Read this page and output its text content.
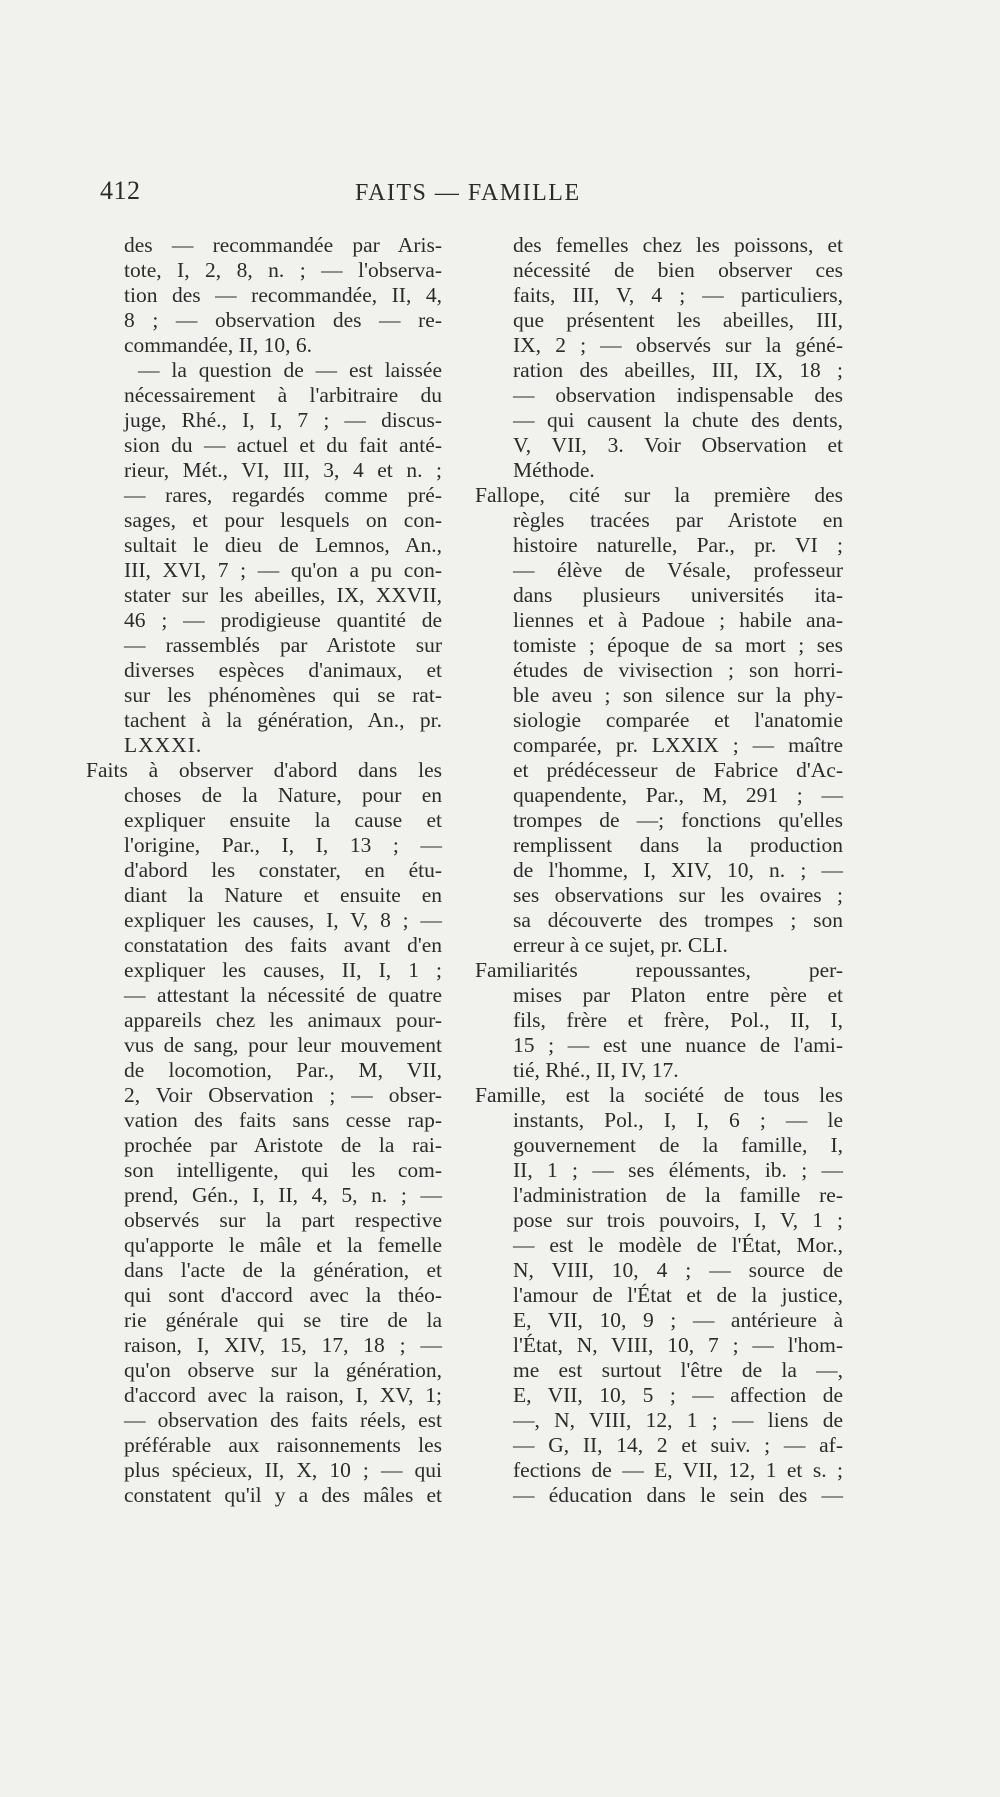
412	FAITS — FAMILLE
des — recommandée par Aris-
tote, I, 2, 8, n. ; — l'observa-
tion des — recommandée, II, 4,
8 ; — observation des — re-
commandée, II, 10, 6.
— la question de — est laissée
nécessairement à l'arbitraire du
juge, Rhé., I, I, 7 ; — discus-
sion du — actuel et du fait anté-
rieur, Mét., VI, III, 3, 4 et n. ;
— rares, regardés comme pré-
sages, et pour lesquels on con-
sultait le dieu de Lemnos, An.,
III, XVI, 7 ; — qu'on a pu con-
stater sur les abeilles, IX, XXVII,
46 ; — prodigieuse quantité de
— rassemblés par Aristote sur
diverses espèces d'animaux, et
sur les phénomènes qui se rat-
tachent à la génération, An., pr.
LXXXI.
Faits à observer d'abord dans les
choses de la Nature, pour en
expliquer ensuite la cause et
l'origine, Par., I, I, 13 ; —
d'abord les constater, en étu-
diant la Nature et ensuite en
expliquer les causes, I, V, 8 ; —
constatation des faits avant d'en
expliquer les causes, II, I, 1 ;
— attestant la nécessité de quatre
appareils chez les animaux pour-
vus de sang, pour leur mouvement
de locomotion, Par., M, VII,
2, Voir Observation ; — obser-
vation des faits sans cesse rap-
prochée par Aristote de la rai-
son intelligente, qui les com-
prend, Gén., I, II, 4, 5, n. ; —
observés sur la part respective
qu'apporte le mâle et la femelle
dans l'acte de la génération, et
qui sont d'accord avec la théo-
rie générale qui se tire de la
raison, I, XIV, 15, 17, 18 ; —
qu'on observe sur la génération,
d'accord avec la raison, I, XV, 1;
— observation des faits réels, est
préférable aux raisonnements les
plus spécieux, II, X, 10 ; — qui
constatent qu'il y a des mâles et
des femelles chez les poissons, et
nécessité de bien observer ces
faits, III, V, 4 ; — particuliers,
que présentent les abeilles, III,
IX, 2 ; — observés sur la géné-
ration des abeilles, III, IX, 18 ;
— observation indispensable des
— qui causent la chute des dents,
V, VII, 3. Voir Observation et
Méthode.
Fallope, cité sur la première des
règles tracées par Aristote en
histoire naturelle, Par., pr. VI ;
— élève de Vésale, professeur
dans plusieurs universités ita-
liennes et à Padoue ; habile ana-
tomiste ; époque de sa mort ; ses
études de vivisection ; son horri-
ble aveu ; son silence sur la phy-
siologie comparée et l'anatomie
comparée, pr. LXXIX ; — maître
et prédécesseur de Fabrice d'Ac-
quapendente, Par., M, 291 ; —
trompes de —; fonctions qu'elles
remplissent dans la production
de l'homme, I, XIV, 10, n. ; —
ses observations sur les ovaires ;
sa découverte des trompes ; son
erreur à ce sujet, pr. CLI.
Familiarités repoussantes, per-
mises par Platon entre père et
fils, frère et frère, Pol., II, I,
15 ; — est une nuance de l'ami-
tié, Rhé., II, IV, 17.
Famille, est la société de tous les
instants, Pol., I, I, 6 ; — le
gouvernement de la famille, I,
II, 1 ; — ses éléments, ib. ; —
l'administration de la famille re-
pose sur trois pouvoirs, I, V, 1 ;
— est le modèle de l'État, Mor.,
N, VIII, 10, 4 ; — source de
l'amour de l'État et de la justice,
E, VII, 10, 9 ; — antérieure à
l'État, N, VIII, 10, 7 ; — l'hom-
me est surtout l'être de la —,
E, VII, 10, 5 ; — affection de
—, N, VIII, 12, 1 ; — liens de
— G, II, 14, 2 et suiv. ; — af-
fections de — E, VII, 12, 1 et s. ;
— éducation dans le sein des —
